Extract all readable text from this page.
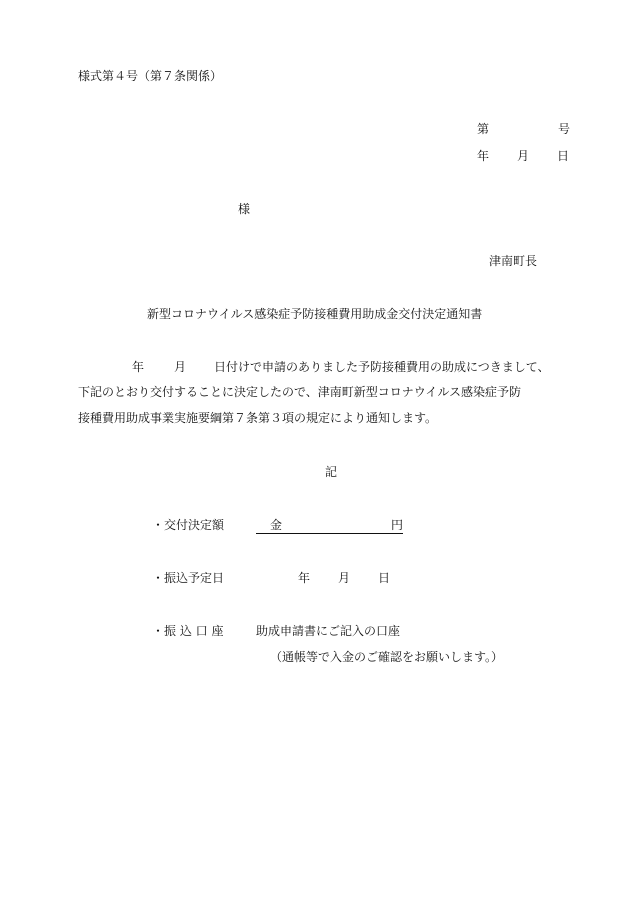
様式第４号（第７条関係）
第	号
年 月 日
様
津南町長
新型コロナウイルス感染症予防接種費用助成金交付決定通知書
年	月 日付けで申請のありました予防接種費用の助成につきまして、
下記のとおり交付することに決定したので、津南町新型コロナウイルス感染症予防
接種費用助成事業実施要綱第７条第３項の規定により通知します。
記
・交付決定額	金	円
・振込予定日	年 月 日
・振 込 口 座	助成申請書にご記入の口座
（通帳等で入金のご確認をお願いします。）
